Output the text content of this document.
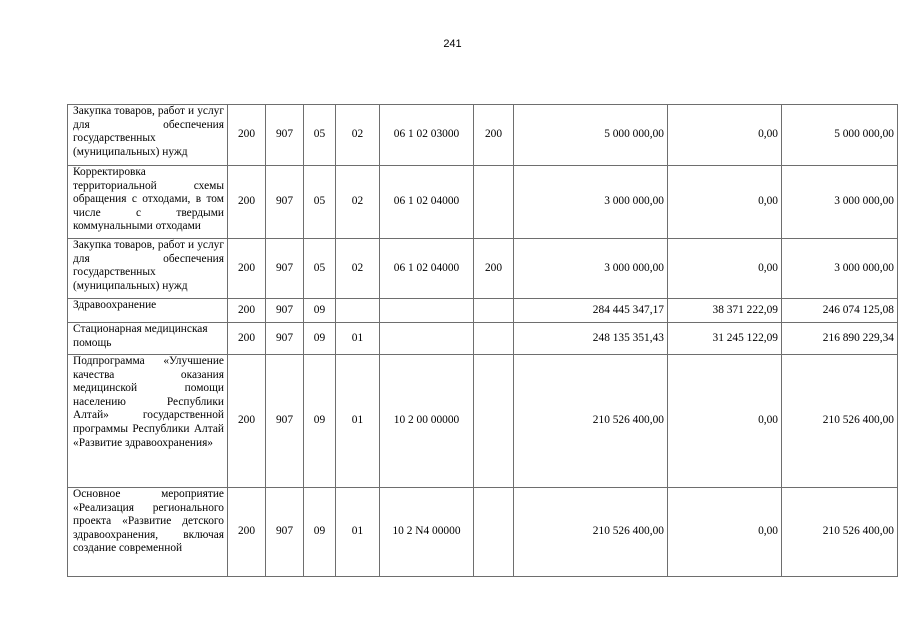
241
Закупка товаров, работ и услуг для обеспечения государственных (муниципальных) нужд	200	907	05	02	06 1 02 03000	200	5 000 000,00	0,00	5 000 000,00

Корректировка территориальной схемы обращения с отходами, в том числе с твердыми коммунальными отходами	200	907	05	02	06 1 02 04000		3 000 000,00	0,00	3 000 000,00

Закупка товаров, работ и услуг для обеспечения государственных (муниципальных) нужд	200	907	05	02	06 1 02 04000	200	3 000 000,00	0,00	3 000 000,00

Здравоохранение	200	907	09				284 445 347,17	38 371 222,09	246 074 125,08

Стационарная медицинская помощь	200	907	09	01			248 135 351,43	31 245 122,09	216 890 229,34

Подпрограмма «Улучшение качества оказания медицинской помощи населению Республики Алтай» государственной программы Республики Алтай «Развитие здравоохранения»	200	907	09	01	10 2 00 00000		210 526 400,00	0,00	210 526 400,00

Основное мероприятие «Реализация регионального проекта «Развитие детского здравоохранения, включая создание современной	200	907	09	01	10 2 N4 00000		210 526 400,00	0,00	210 526 400,00
